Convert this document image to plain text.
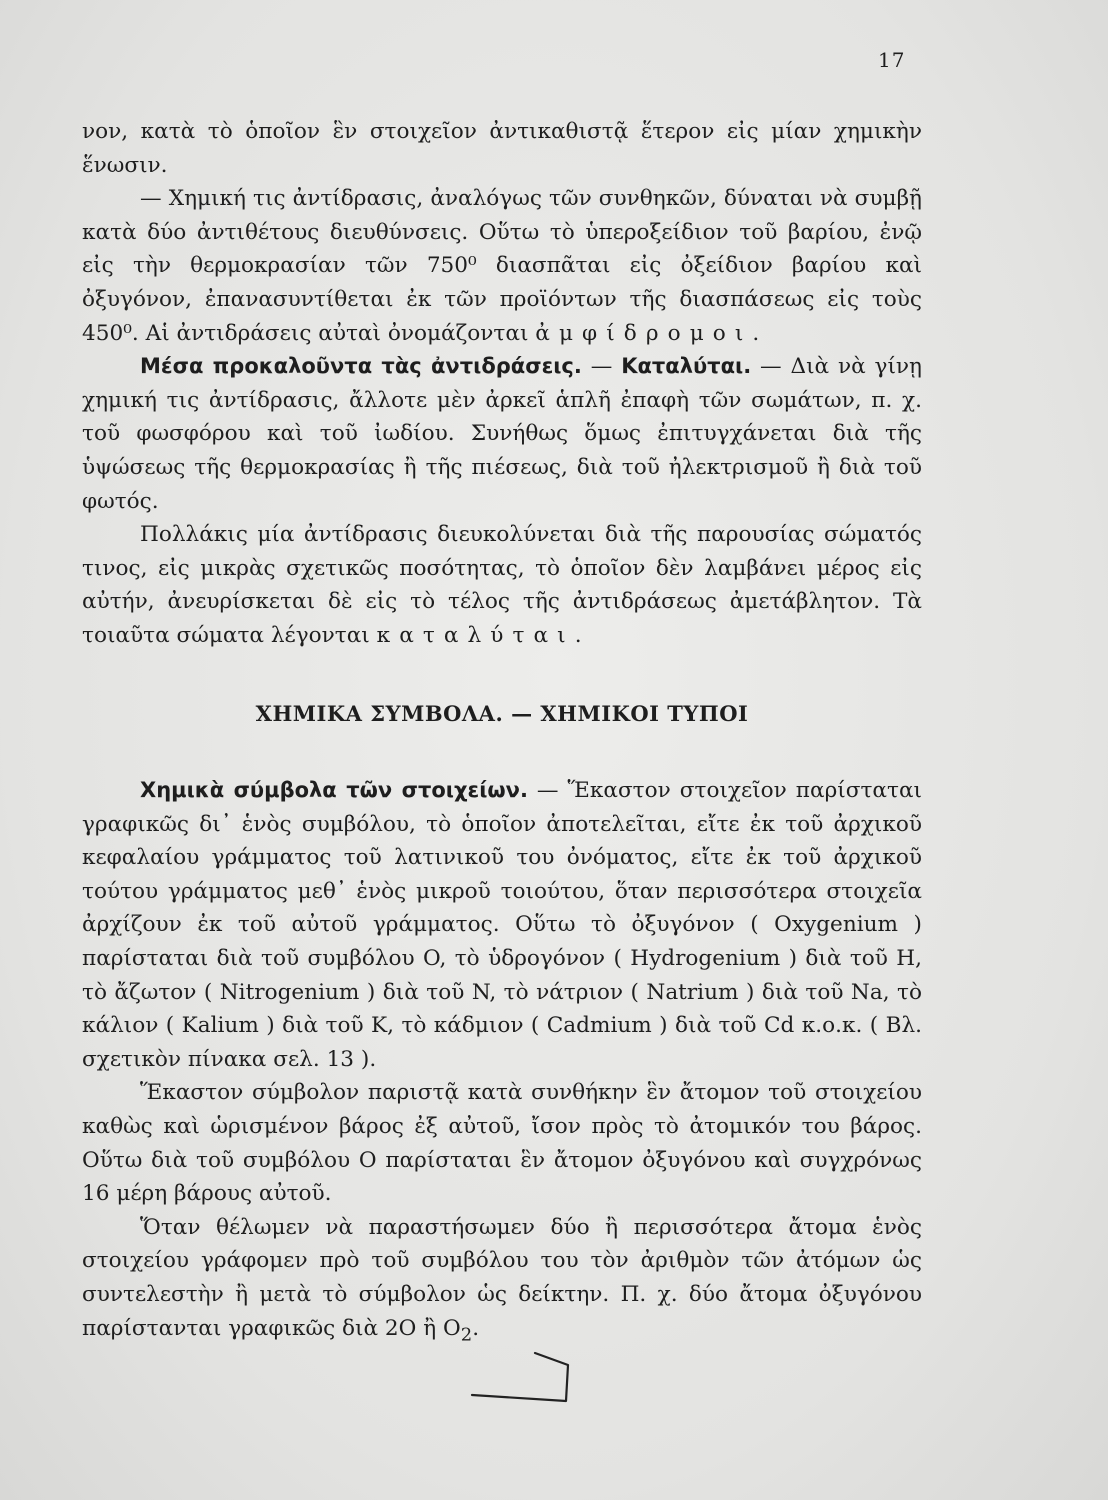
17

νον, κατὰ τὸ ὁποῖον ἓν στοιχεῖον ἀντικαθιστᾷ ἕτερον εἰς μίαν χημικὴν ἕνωσιν.

— Χημική τις ἀντίδρασις, ἀναλόγως τῶν συνθηκῶν, δύναται νὰ συμβῇ κατὰ δύο ἀντιθέτους διευθύνσεις. Οὕτω τὸ ὑπεροξείδιον τοῦ βαρίου, ἐνῷ εἰς τὴν θερμοκρασίαν τῶν 750⁰ διασπᾶται εἰς ὀξείδιον βαρίου καὶ ὀξυγόνον, ἐπανασυντίθεται ἐκ τῶν προϊόντων τῆς διασπάσεως εἰς τοὺς 450⁰. Αἱ ἀντιδράσεις αὐταὶ ὀνομάζονται ἀμφίδρομοι.

Μέσα προκαλοῦντα τὰς ἀντιδράσεις. — Καταλύται. — Διὰ νὰ γίνῃ χημική τις ἀντίδρασις, ἄλλοτε μὲν ἀρκεῖ ἁπλῆ ἐπαφὴ τῶν σωμάτων, π. χ. τοῦ φωσφόρου καὶ τοῦ ἰωδίου. Συνήθως ὅμως ἐπιτυγχάνεται διὰ τῆς ὑψώσεως τῆς θερμοκρασίας ἢ τῆς πιέσεως, διὰ τοῦ ἠλεκτρισμοῦ ἢ διὰ τοῦ φωτός.

Πολλάκις μία ἀντίδρασις διευκολύνεται διὰ τῆς παρουσίας σώματός τινος, εἰς μικρὰς σχετικῶς ποσότητας, τὸ ὁποῖον δὲν λαμβάνει μέρος εἰς αὐτήν, ἀνευρίσκεται δὲ εἰς τὸ τέλος τῆς ἀντιδράσεως ἀμετάβλητον. Τὰ τοιαῦτα σώματα λέγονται καταλύται.

ΧΗΜΙΚΑ ΣΥΜΒΟΛΑ. — ΧΗΜΙΚΟΙ ΤΥΠΟΙ

Χημικὰ σύμβολα τῶν στοιχείων. — Ἕκαστον στοιχεῖον παρίσταται γραφικῶς δι᾽ ἑνὸς συμβόλου, τὸ ὁποῖον ἀποτελεῖται, εἴτε ἐκ τοῦ ἀρχικοῦ κεφαλαίου γράμματος τοῦ λατινικοῦ του ὀνόματος, εἴτε ἐκ τοῦ ἀρχικοῦ τούτου γράμματος μεθ᾽ ἑνὸς μικροῦ τοιούτου, ὅταν περισσότερα στοιχεῖα ἀρχίζουν ἐκ τοῦ αὐτοῦ γράμματος. Οὕτω τὸ ὀξυγόνον ( Oxygenium ) παρίσταται διὰ τοῦ συμβόλου O, τὸ ὑδρογόνον ( Hydrogenium ) διὰ τοῦ H, τὸ ἄζωτον ( Nitrogenium ) διὰ τοῦ N, τὸ νάτριον ( Natrium ) διὰ τοῦ Na, τὸ κάλιον ( Kalium ) διὰ τοῦ K, τὸ κάδμιον ( Cadmium ) διὰ τοῦ Cd κ.ο.κ. ( Βλ. σχετικὸν πίνακα σελ. 13 ).

Ἕκαστον σύμβολον παριστᾷ κατὰ συνθήκην ἓν ἄτομον τοῦ στοιχείου καθὼς καὶ ὡρισμένον βάρος ἐξ αὐτοῦ, ἴσον πρὸς τὸ ἀτομικόν του βάρος. Οὕτω διὰ τοῦ συμβόλου O παρίσταται ἓν ἄτομον ὀξυγόνου καὶ συγχρόνως 16 μέρη βάρους αὐτοῦ.

Ὅταν θέλωμεν νὰ παραστήσωμεν δύο ἢ περισσότερα ἄτομα ἑνὸς στοιχείου γράφομεν πρὸ τοῦ συμβόλου του τὸν ἀριθμὸν τῶν ἀτόμων ὡς συντελεστὴν ἢ μετὰ τὸ σύμβολον ὡς δείκτην. Π. χ. δύο ἄτομα ὀξυγόνου παρίστανται γραφικῶς διὰ 2O ἢ $O_2$.
